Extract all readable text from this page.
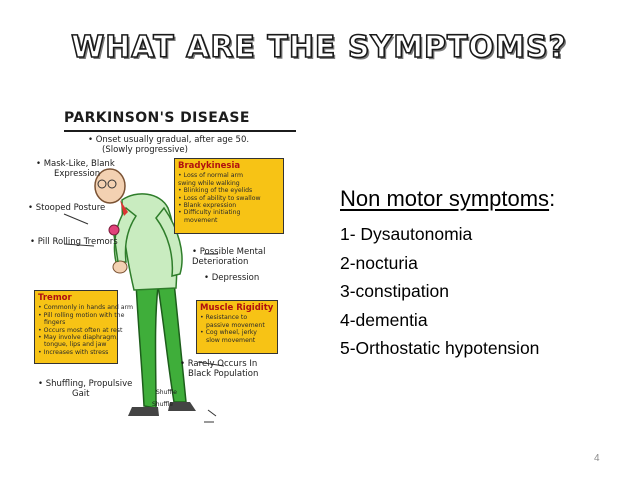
WHAT ARE THE SYMPTOMS?
PARKINSON'S DISEASE
• Onset usually gradual, after age 50.
(Slowly progressive)
• Mask-Like, Blank
Expression
• Stooped Posture
• Pill Rolling Tremors
Bradykinesia
• Loss of normal arm
swing while walking
• Blinking of the eyelids
• Loss of ability to swallow
• Blank expression
• Difficulty initiating
movement
• Possible Mental Deterioration
• Depression
Tremor
• Commonly in hands and arm
• Pill rolling motion with the
fingers
• Occurs most often at rest
• May involve diaphragm,
tongue, lips and jaw
• Increases with stress
Muscle Rigidity
• Resistance to
passive movement
• Cog wheel, jerky
slow movement
• Rarely Occurs In
Black Population
• Shuffling, Propulsive
Gait	Shuffle
Shuffle
Non motor symptoms:
1- Dysautonomia
2-nocturia
3-constipation
4-dementia
5-Orthostatic hypotension
4
